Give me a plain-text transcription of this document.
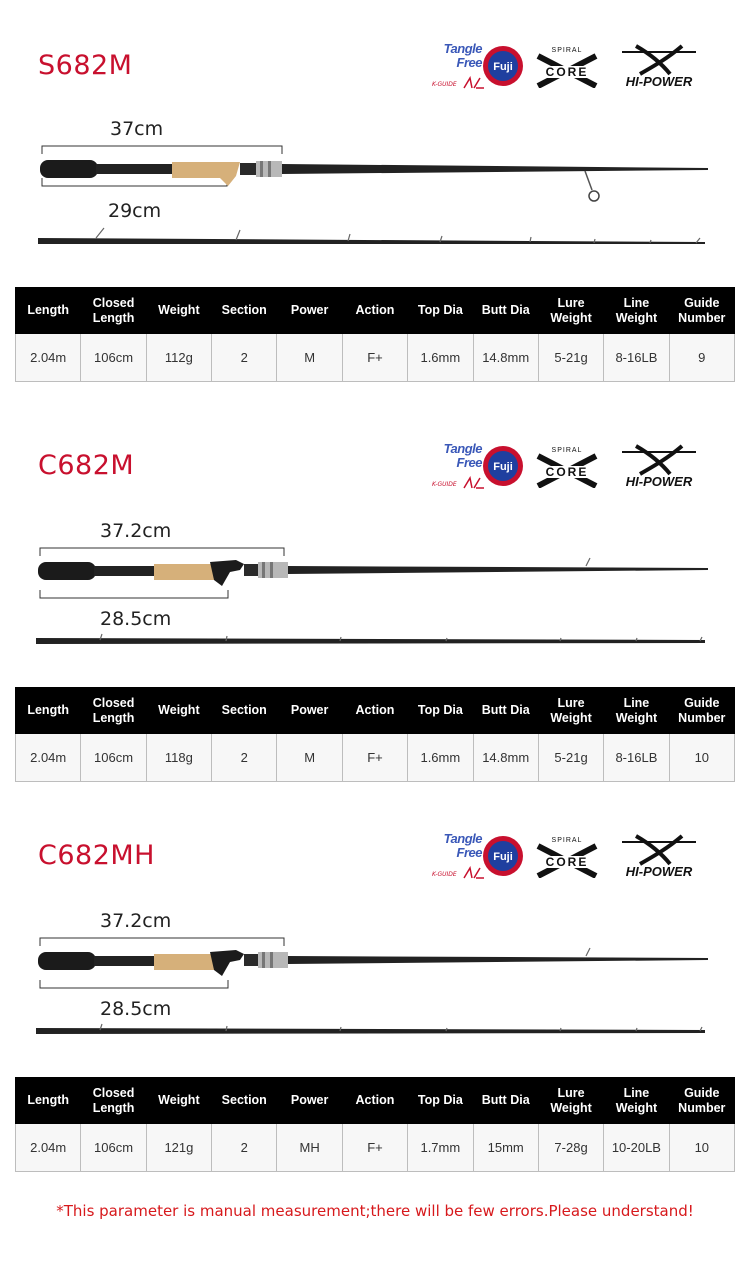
S682M
Tangle
Free
K-GUIDE
Fuji
SPIRAL
CORE
HI-POWER
37cm
29cm
Length	Closed Length	Weight	Section	Power	Action	Top Dia	Butt Dia	Lure Weight	Line Weight	Guide Number
2.04m	106cm	112g	2	M	F+	1.6mm	14.8mm	5-21g	8-16LB	9
C682M
Tangle
Free
K-GUIDE
Fuji
SPIRAL
CORE
HI-POWER
37.2cm
28.5cm
Length	Closed Length	Weight	Section	Power	Action	Top Dia	Butt Dia	Lure Weight	Line Weight	Guide Number
2.04m	106cm	118g	2	M	F+	1.6mm	14.8mm	5-21g	8-16LB	10
C682MH
Tangle
Free
K-GUIDE
Fuji
SPIRAL
CORE
HI-POWER
37.2cm
28.5cm
Length	Closed Length	Weight	Section	Power	Action	Top Dia	Butt Dia	Lure Weight	Line Weight	Guide Number
2.04m	106cm	121g	2	MH	F+	1.7mm	15mm	7-28g	10-20LB	10
*This parameter is manual measurement;there will be few errors.Please understand!
